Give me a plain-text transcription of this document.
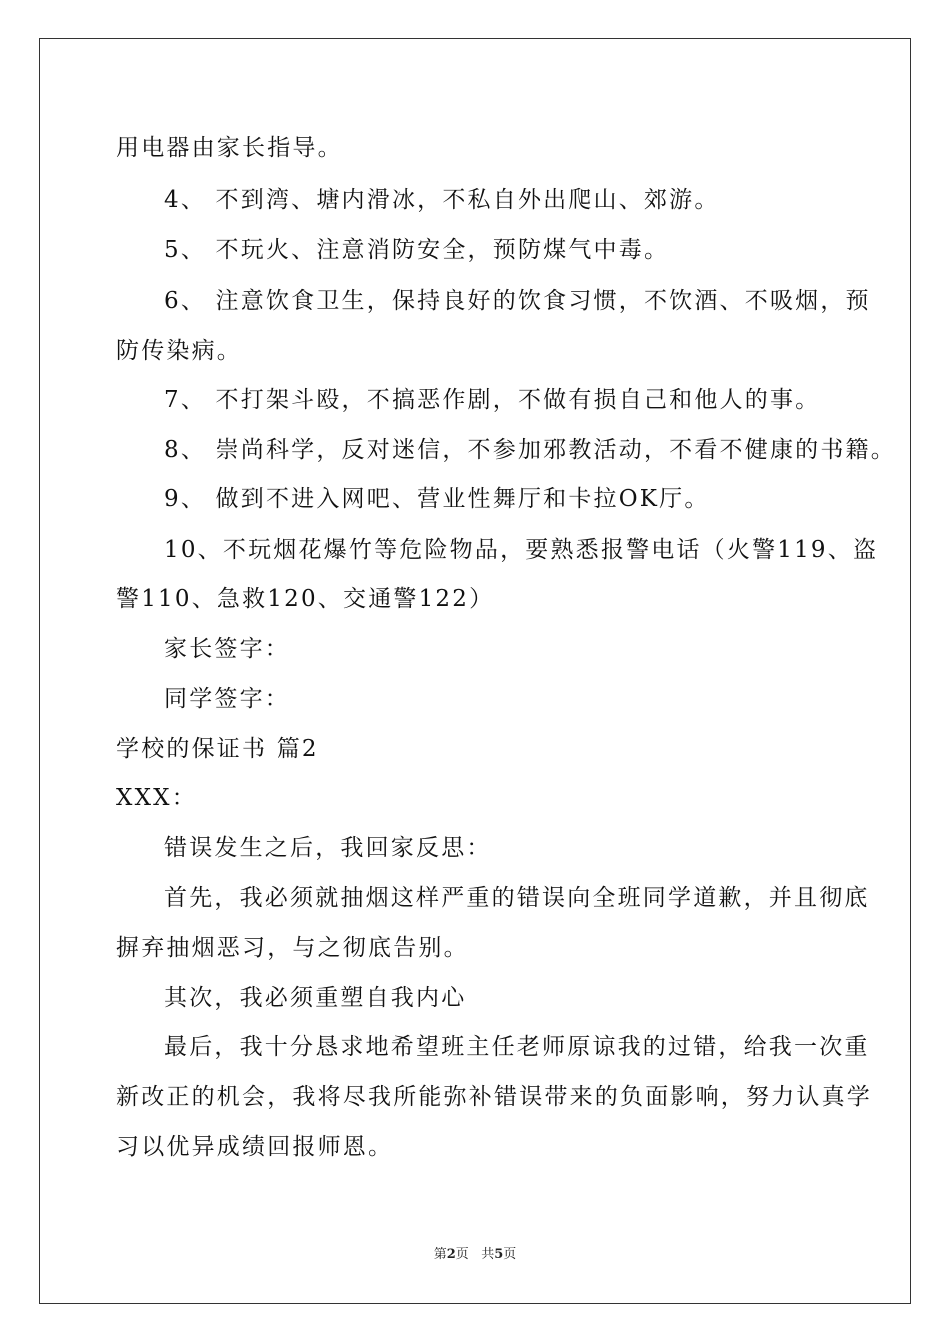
用电器由家长指导。
4、 不到湾、塘内滑冰，不私自外出爬山、郊游。
5、 不玩火、注意消防安全，预防煤气中毒。
6、 注意饮食卫生，保持良好的饮食习惯，不饮酒、不吸烟，预
防传染病。
7、 不打架斗殴，不搞恶作剧，不做有损自己和他人的事。
8、 崇尚科学，反对迷信，不参加邪教活动，不看不健康的书籍。
9、 做到不进入网吧、营业性舞厅和卡拉OK厅。
10、不玩烟花爆竹等危险物品，要熟悉报警电话（火警119、盗
警110、急救120、交通警122）
家长签字：
同学签字：
学校的保证书 篇2
XXX：
错误发生之后，我回家反思：
首先，我必须就抽烟这样严重的错误向全班同学道歉，并且彻底
摒弃抽烟恶习，与之彻底告别。
其次，我必须重塑自我内心
最后，我十分恳求地希望班主任老师原谅我的过错，给我一次重
新改正的机会，我将尽我所能弥补错误带来的负面影响，努力认真学
习以优异成绩回报师恩。
第2页 共5页
